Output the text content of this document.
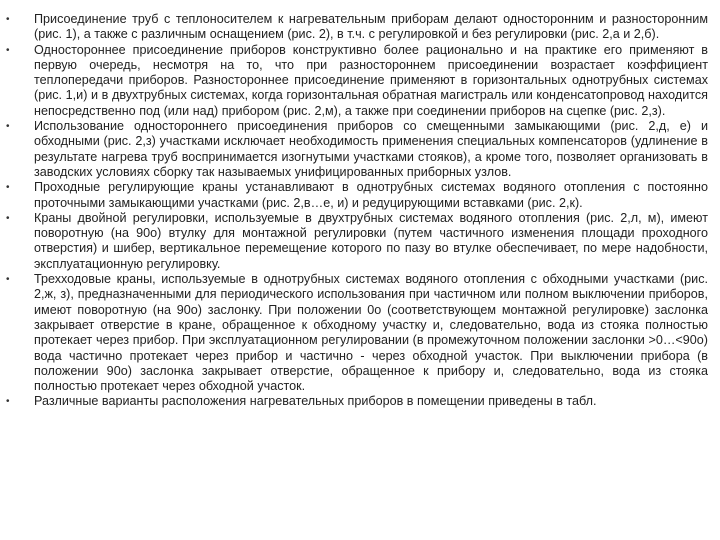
• Присоединение труб с теплоносителем к нагревательным приборам делают односторонним и разносторонним (рис. 1), а также с различным оснащением (рис. 2), в т.ч. с регулировкой и без регулировки (рис. 2,а и 2,б).
• Одностороннее присоединение приборов конструктивно более рационально и на практике его применяют в первую очередь, несмотря на то, что при разностороннем присоединении возрастает коэффициент теплопередачи приборов. Разностороннее присоединение применяют в горизонтальных однотрубных системах (рис. 1,и) и в двухтрубных системах, когда горизонтальная обратная магистраль или конденсатопровод находится непосредственно под (или над) прибором (рис. 2,м), а также при соединении приборов на сцепке (рис. 2,з).
• Использование одностороннего присоединения приборов со смещенными замыкающими (рис. 2,д, е) и обходными (рис. 2,з) участками исключает необходимость применения специальных компенсаторов (удлинение в результате нагрева труб воспринимается изогнутыми участками стояков), а кроме того, позволяет организовать в заводских условиях сборку так называемых унифицированных приборных узлов.
• Проходные регулирующие краны устанавливают в однотрубных системах водяного отопления с постоянно проточными замыкающими участками (рис. 2,в…е, и) и редуцирующими вставками (рис. 2,к).
• Краны двойной регулировки, используемые в двухтрубных системах водяного отопления (рис. 2,л, м), имеют поворотную (на 90о) втулку для монтажной регулировки (путем частичного изменения площади проходного отверстия) и шибер, вертикальное перемещение которого по пазу во втулке обеспечивает, по мере надобности, эксплуатационную регулировку.
• Трехходовые краны, используемые в однотрубных системах водяного отопления с обходными участками (рис. 2,ж, з), предназначенными для периодического использования при частичном или полном выключении приборов, имеют поворотную (на 90о) заслонку. При положении 0о (соответствующем монтажной регулировке) заслонка закрывает отверстие в кране, обращенное к обходному участку и, следовательно, вода из стояка полностью протекает через прибор. При эксплуатационном регулировании (в промежуточном положении заслонки >0…<90о) вода частично протекает через прибор и частично - через обходной участок. При выключении прибора (в положении 90о) заслонка закрывает отверстие, обращенное к прибору и, следовательно, вода из стояка полностью протекает через обходной участок.
• Различные варианты расположения нагревательных приборов в помещении приведены в табл.
